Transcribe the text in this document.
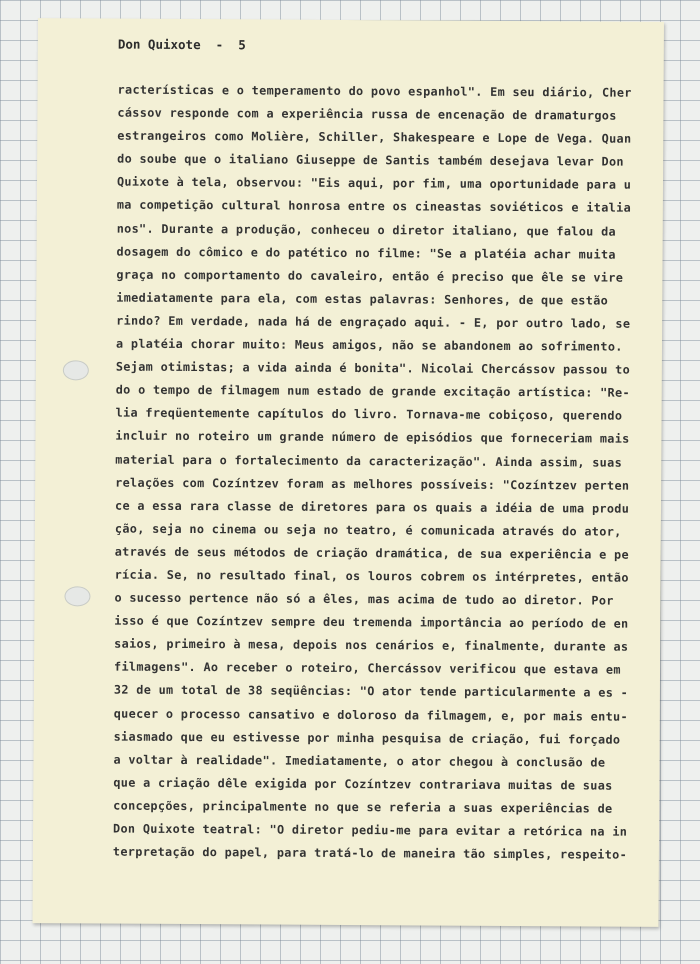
Don Quixote  -  5
racterísticas e o temperamento do povo espanhol". Em seu diário, Cher
cássov responde com a experiência russa de encenação de dramaturgos
estrangeiros como Molière, Schiller, Shakespeare e Lope de Vega. Quan
do soube que o italiano Giuseppe de Santis também desejava levar Don
Quixote à tela, observou: "Eis aqui, por fim, uma oportunidade para u
ma competição cultural honrosa entre os cineastas soviéticos e italia
nos". Durante a produção, conheceu o diretor italiano, que falou da
dosagem do cômico e do patético no filme: "Se a platéia achar muita
graça no comportamento do cavaleiro, então é preciso que êle se vire
imediatamente para ela, com estas palavras: Senhores, de que estão
rindo? Em verdade, nada há de engraçado aqui. - E, por outro lado, se
a platéia chorar muito: Meus amigos, não se abandonem ao sofrimento.
Sejam otimistas; a vida ainda é bonita". Nicolai Chercássov passou to
do o tempo de filmagem num estado de grande excitação artística: "Re-
lia freqüentemente capítulos do livro. Tornava-me cobiçoso, querendo
incluir no roteiro um grande número de episódios que forneceriam mais
material para o fortalecimento da caracterização". Ainda assim, suas
relações com Cozíntzev foram as melhores possíveis: "Cozíntzev perten
ce a essa rara classe de diretores para os quais a idéia de uma produ
ção, seja no cinema ou seja no teatro, é comunicada através do ator,
através de seus métodos de criação dramática, de sua experiência e pe
rícia. Se, no resultado final, os louros cobrem os intérpretes, então
o sucesso pertence não só a êles, mas acima de tudo ao diretor. Por
isso é que Cozíntzev sempre deu tremenda importância ao período de en
saios, primeiro à mesa, depois nos cenários e, finalmente, durante as
filmagens". Ao receber o roteiro, Chercássov verificou que estava em
32 de um total de 38 seqüências: "O ator tende particularmente a es -
quecer o processo cansativo e doloroso da filmagem, e, por mais entu-
siasmado que eu estivesse por minha pesquisa de criação, fui forçado
a voltar à realidade". Imediatamente, o ator chegou à conclusão de
que a criação dêle exigida por Cozíntzev contrariava muitas de suas
concepções, principalmente no que se referia a suas experiências de
Don Quixote teatral: "O diretor pediu-me para evitar a retórica na in
terpretação do papel, para tratá-lo de maneira tão simples, respeito-
